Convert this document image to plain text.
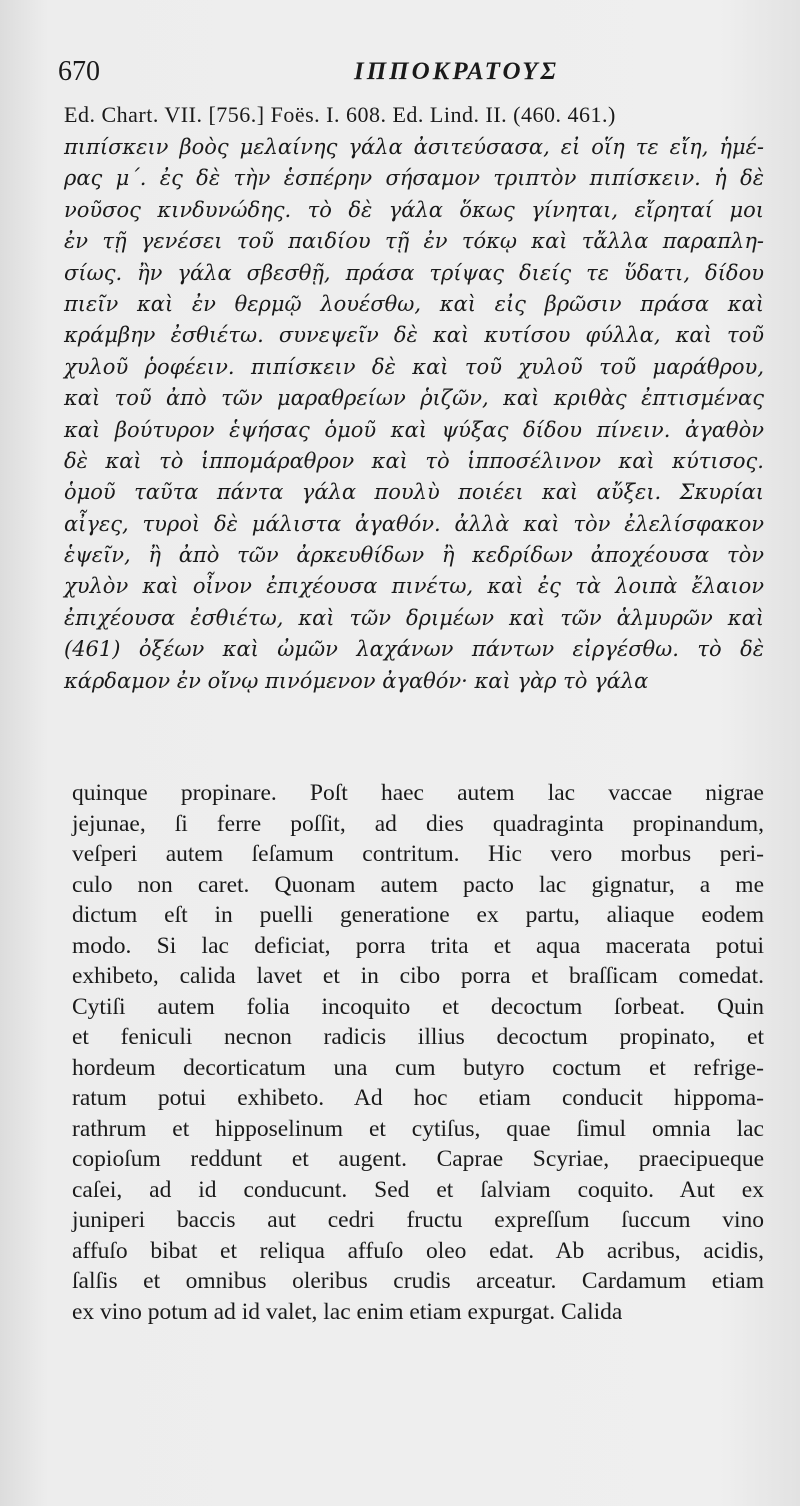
670	ΙΠΠΟΚΡΑΤΟΥΣ
Ed. Chart. VII. [756.] Foës. I. 608. Ed. Lind. II. (460. 461.)
πιπίσκειν βοὸς μελαίνης γάλα ἀσιτεύσασα, εἰ οἵη τε εἴη, ἡμέ-
ρας μ΄. ἐς δὲ τὴν ἑσπέρην σήσαμον τριπτὸν πιπίσκειν. ἡ δὲ
νοῦσος κινδυνώδης. τὸ δὲ γάλα ὅκως γίνηται, εἴρηταί μοι
ἐν τῇ γενέσει τοῦ παιδίου τῇ ἐν τόκῳ καὶ τἄλλα παραπλη-
σίως. ἢν γάλα σβεσθῇ, πράσα τρίψας διείς τε ὕδατι, δίδου
πιεῖν καὶ ἐν θερμῷ λουέσθω, καὶ εἰς βρῶσιν πράσα καὶ
κράμβην ἐσθιέτω. συνεψεῖν δὲ καὶ κυτίσου φύλλα, καὶ τοῦ
χυλοῦ ῥοφέειν. πιπίσκειν δὲ καὶ τοῦ χυλοῦ τοῦ μαράθρου,
καὶ τοῦ ἀπὸ τῶν μαραθρείων ῥιζῶν, καὶ κριθὰς ἐπτισμένας
καὶ βούτυρον ἑψήσας ὁμοῦ καὶ ψύξας δίδου πίνειν. ἀγαθὸν
δὲ καὶ τὸ ἱππομάραθρον καὶ τὸ ἱπποσέλινον καὶ κύτισος.
ὁμοῦ ταῦτα πάντα γάλα πουλὺ ποιέει καὶ αὔξει. Σκυρίαι
αἶγες, τυροὶ δὲ μάλιστα ἀγαθόν. ἀλλὰ καὶ τὸν ἐλελίσφακον
ἑψεῖν, ἢ ἀπὸ τῶν ἀρκευθίδων ἢ κεδρίδων ἀποχέουσα τὸν
χυλὸν καὶ οἶνον ἐπιχέουσα πινέτω, καὶ ἐς τὰ λοιπὰ ἔλαιον
ἐπιχέουσα ἐσθιέτω, καὶ τῶν δριμέων καὶ τῶν ἁλμυρῶν καὶ
(461) ὀξέων καὶ ὠμῶν λαχάνων πάντων εἰργέσθω. τὸ δὲ
κάρδαμον ἐν οἴνῳ πινόμενον ἀγαθόν· καὶ γὰρ τὸ γάλα
quinque propinare. Poſt haec autem lac vaccae nigrae
jejunae, ſi ferre poſſit, ad dies quadraginta propinandum,
veſperi autem ſeſamum contritum. Hic vero morbus peri-
culo non caret. Quonam autem pacto lac gignatur, a me
dictum eſt in puelli generatione ex partu, aliaque eodem
modo. Si lac deficiat, porra trita et aqua macerata potui
exhibeto, calida lavet et in cibo porra et braſſicam comedat.
Cytiſi autem folia incoquito et decoctum ſorbeat. Quin
et feniculi necnon radicis illius decoctum propinato, et
hordeum decorticatum una cum butyro coctum et refrige-
ratum potui exhibeto. Ad hoc etiam conducit hippoma-
rathrum et hipposelinum et cytiſus, quae ſimul omnia lac
copioſum reddunt et augent. Caprae Scyriae, praecipueque
caſei, ad id conducunt. Sed et ſalviam coquito. Aut ex
juniperi baccis aut cedri fructu expreſſum ſuccum vino
affuſo bibat et reliqua affuſo oleo edat. Ab acribus, acidis,
ſalſis et omnibus oleribus crudis arceatur. Cardamum etiam
ex vino potum ad id valet, lac enim etiam expurgat. Calida
